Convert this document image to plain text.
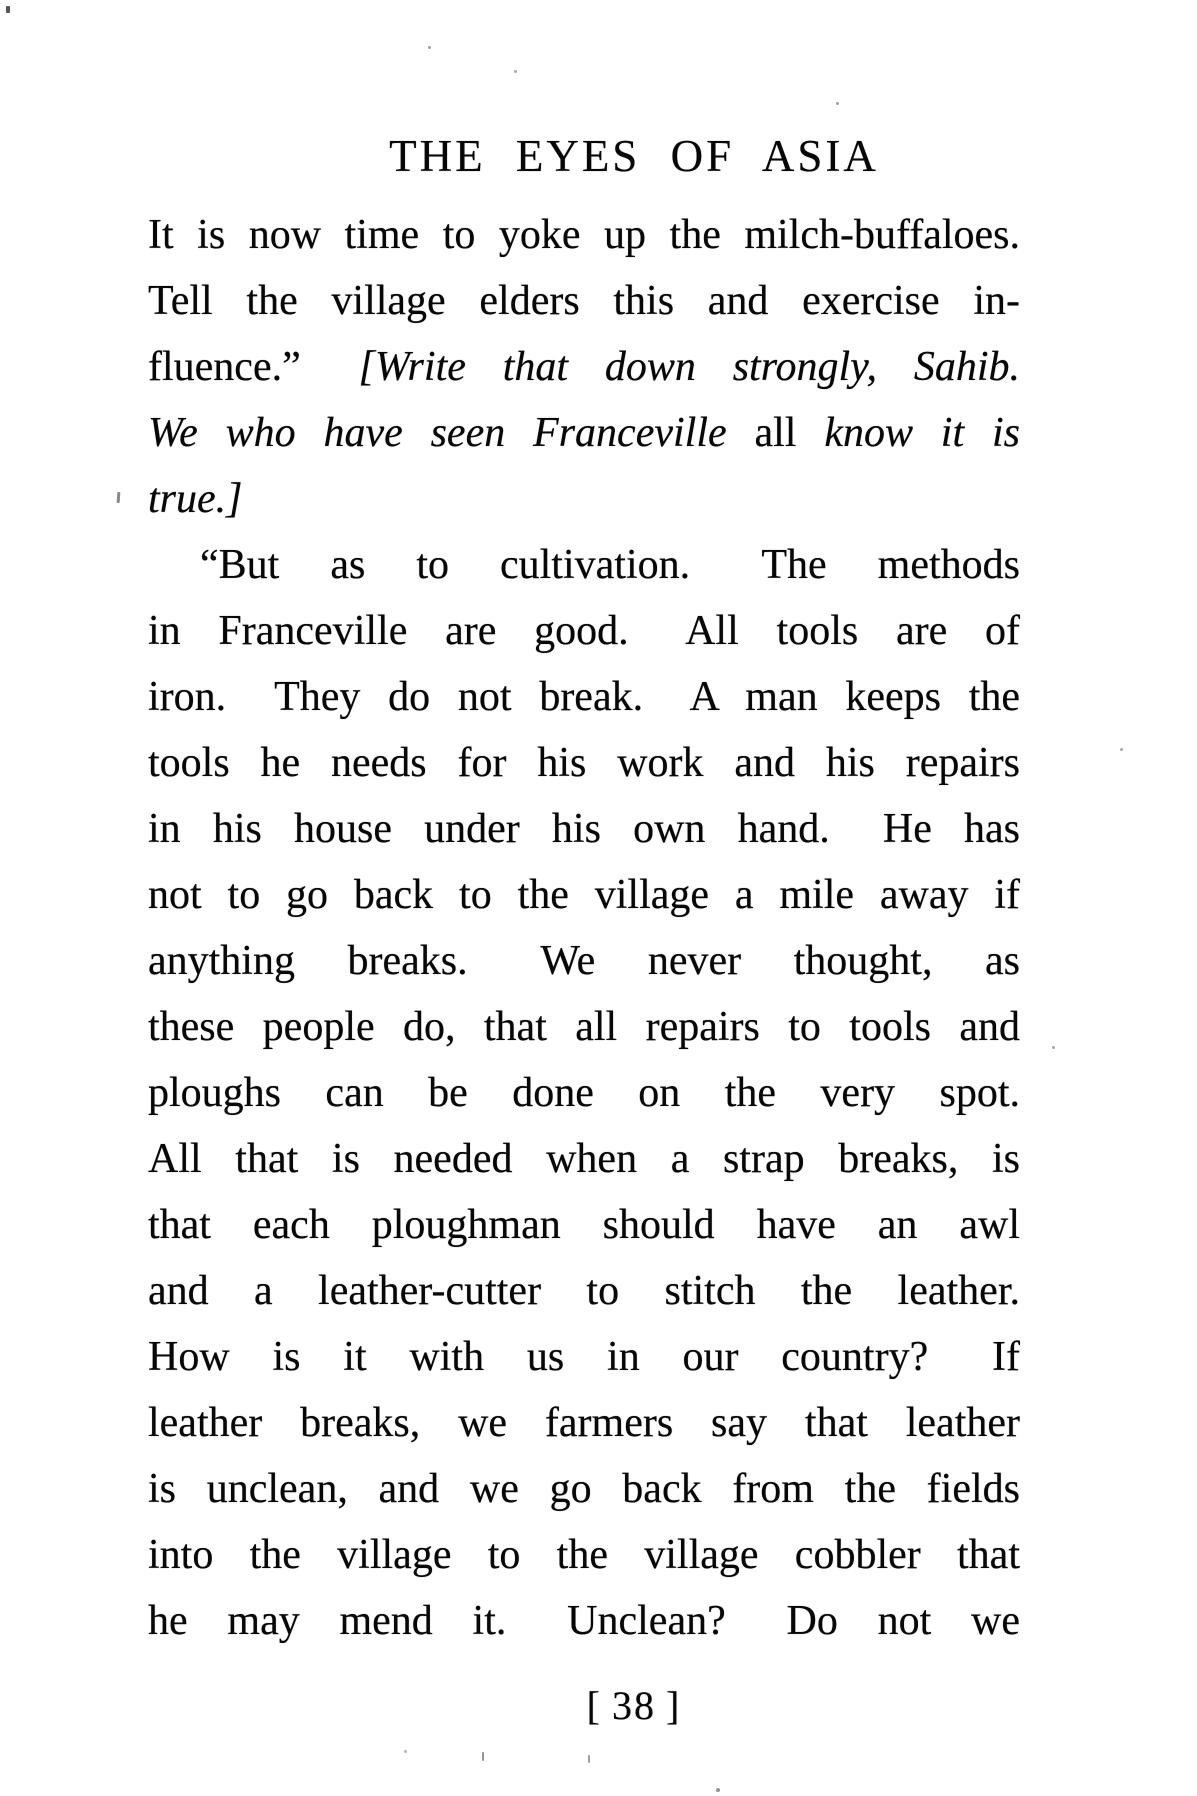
THE EYES OF ASIA
It is now time to yoke up the milch-buffaloes.
Tell the village elders this and exercise in-
fluence.”  [Write that down strongly, Sahib.
We who have seen Franceville all know it is
true.]
“But as to cultivation.  The methods
in Franceville are good.  All tools are of
iron.  They do not break.  A man keeps the
tools he needs for his work and his repairs
in his house under his own hand.  He has
not to go back to the village a mile away if
anything breaks.  We never thought, as
these people do, that all repairs to tools and
ploughs can be done on the very spot.
All that is needed when a strap breaks, is
that each ploughman should have an awl
and a leather-cutter to stitch the leather.
How is it with us in our country?  If
leather breaks, we farmers say that leather
is unclean, and we go back from the fields
into the village to the village cobbler that
he may mend it.  Unclean?  Do not we
[ 38 ]
